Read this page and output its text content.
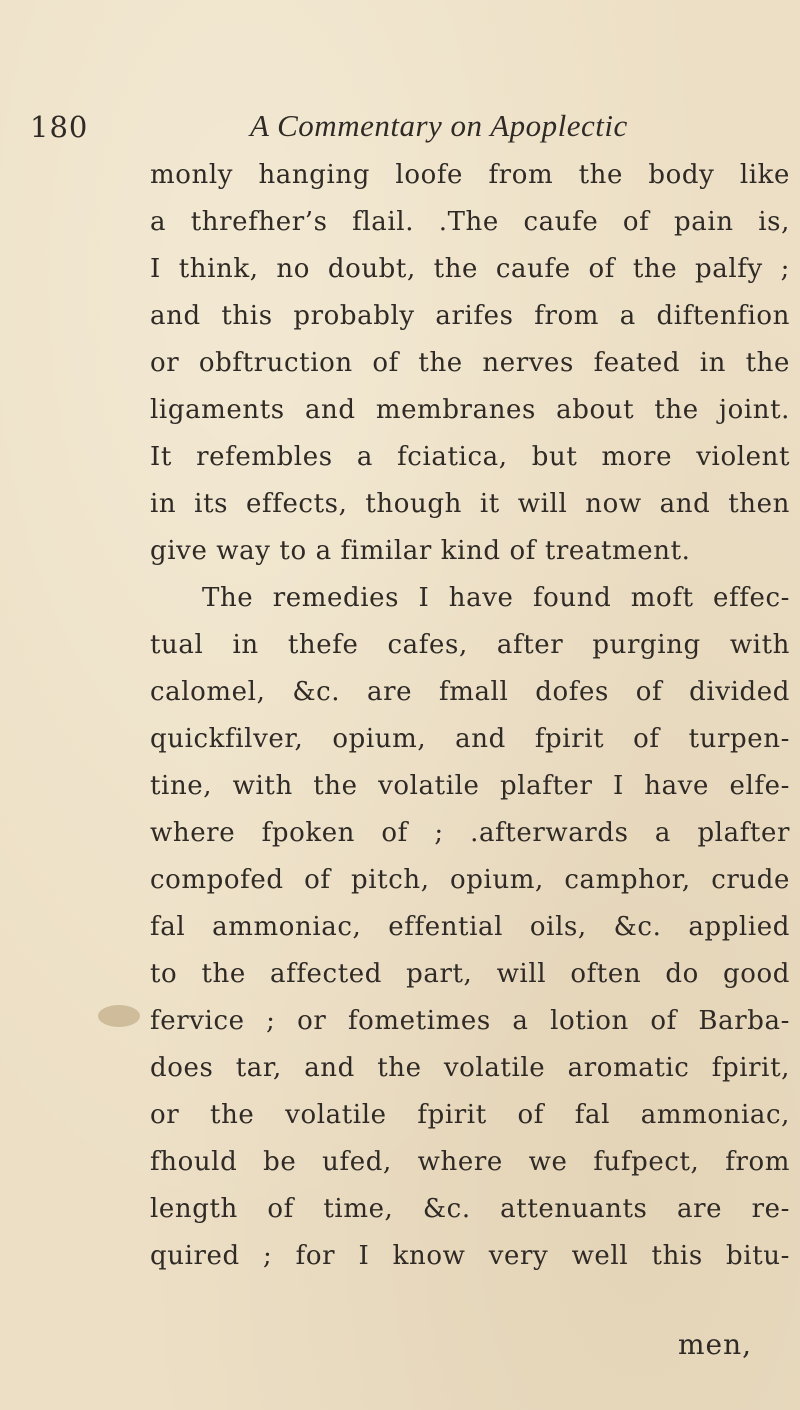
180	A Commentary on Apoplectic
monly hanging loofe from the body like
a threfher’s flail. .The caufe of pain is,
I think, no doubt, the caufe of the palfy ;
and this probably arifes from a diftenfion
or obftruction of the nerves feated in the
ligaments and membranes about the joint.
It refembles a fciatica, but more violent
in its effects, though it will now and then
give way to a fimilar kind of treatment.
The remedies I have found moft effec-
tual in thefe cafes, after purging with
calomel, &c. are fmall dofes of divided
quickfilver, opium, and fpirit of turpen-
tine, with the volatile plafter I have elfe-
where fpoken of ; .afterwards a plafter
compofed of pitch, opium, camphor, crude
fal ammoniac, effential oils, &c. applied
to the affected part, will often do good
fervice ; or fometimes a lotion of Barba-
does tar, and the volatile aromatic fpirit,
or the volatile fpirit of fal ammoniac,
fhould be ufed, where we fufpect, from
length of time, &c. attenuants are re-
quired ; for I know very well this bitu-
men,
